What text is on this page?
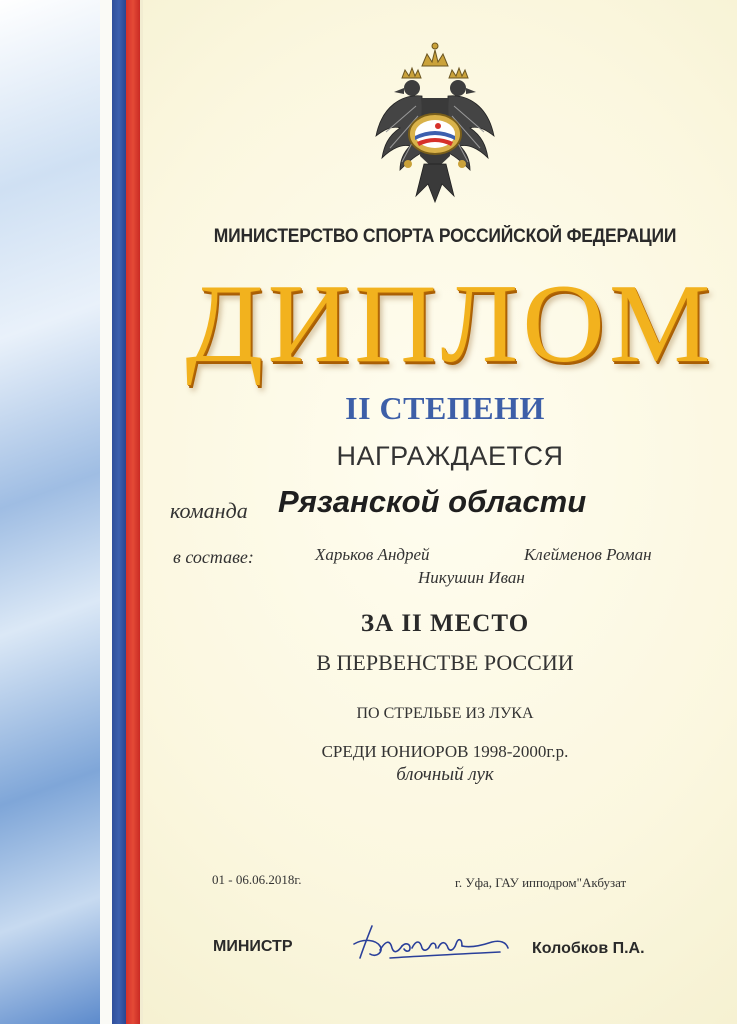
МИНИСТЕРСТВО СПОРТА РОССИЙСКОЙ ФЕДЕРАЦИИ
ДИПЛОМ
II СТЕПЕНИ
НАГРАЖДАЕТСЯ
команда Рязанской области
в составе:	Харьков Андрей	Клейменов Роман
Никушин Иван
ЗА II МЕСТО
В ПЕРВЕНСТВЕ РОССИИ
ПО СТРЕЛЬБЕ ИЗ ЛУКА
СРЕДИ ЮНИОРОВ 1998-2000г.р.
блочный лук
01 - 06.06.2018г.	г. Уфа, ГАУ ипподром"Акбузат
МИНИСТР	Колобков П.А.
